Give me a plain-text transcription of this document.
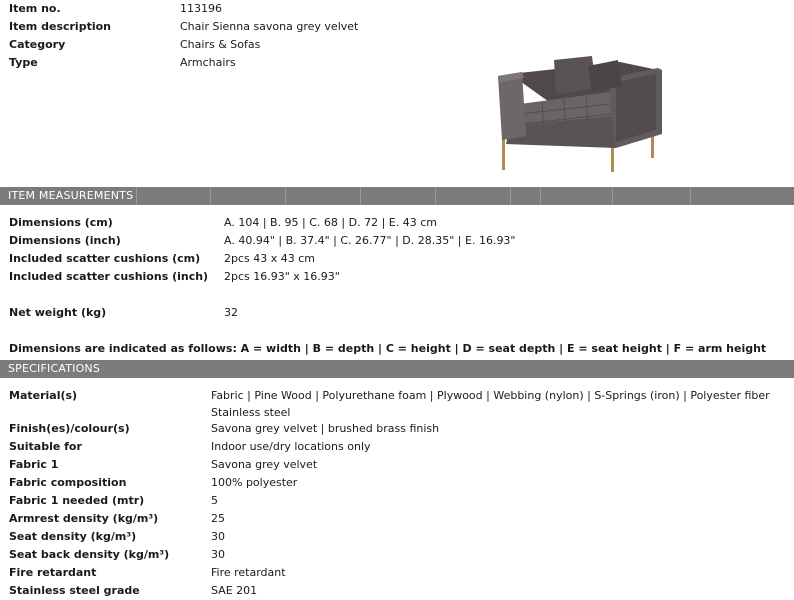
Item no.	113196
Item description	Chair Sienna savona grey velvet
Category	Chairs & Sofas
Type	Armchairs
ITEM MEASUREMENTS
Dimensions (cm)	A. 104 | B. 95 | C. 68 | D. 72 | E. 43 cm
Dimensions (inch)	A. 40.94" | B. 37.4" | C. 26.77" | D. 28.35" | E. 16.93"
Included scatter cushions (cm) 2pcs 43 x 43 cm
Included scatter cushions (inch) 2pcs 16.93" x 16.93"
Net weight (kg)	32
Dimensions are indicated as follows: A = width | B = depth | C = height | D = seat depth | E = seat height | F = arm height
SPECIFICATIONS
Material(s)	Fabric | Pine Wood | Polyurethane foam | Plywood | Webbing (nylon) | S-Springs (iron) | Polyester fiber
Stainless steel
Finish(es)/colour(s)	Savona grey velvet | brushed brass finish
Suitable for	Indoor use/dry locations only
Fabric 1	Savona grey velvet
Fabric composition	100% polyester
Fabric 1 needed (mtr)	5
Armrest density (kg/m³)	25
Seat density (kg/m³)	30
Seat back density (kg/m³)	30
Fire retardant	Fire retardant
Stainless steel grade	SAE 201
